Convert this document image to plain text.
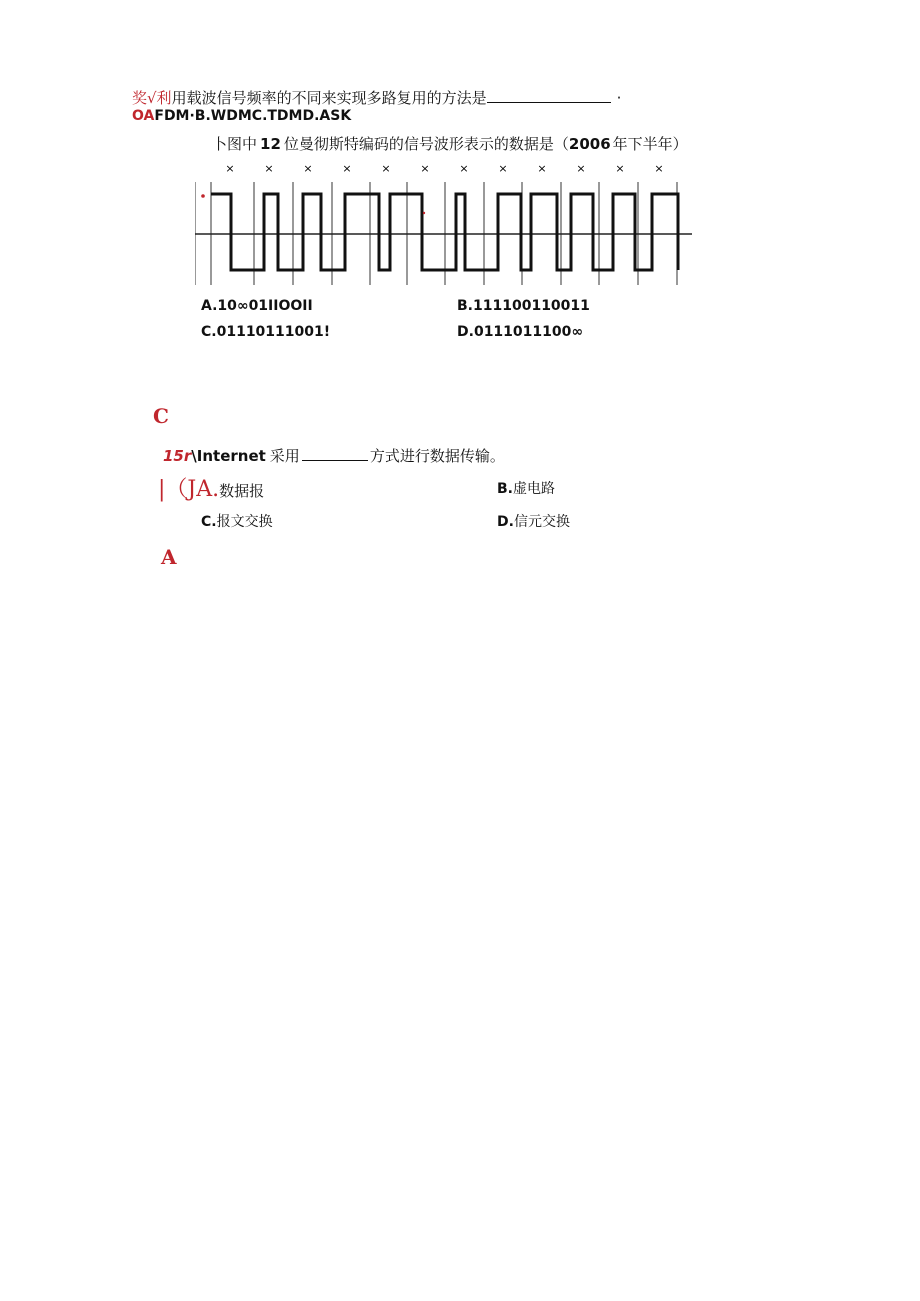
奖√利用载波信号频率的不同来实现多路复用的方法是	·
OAFDM·B.WDMC.TDMD.ASK
卜图中 12 位曼彻斯特编码的信号波形表示的数据是（2006 年下半年）
×	×	×	×	×	×	×	×	×	×	×	×
A.10∞01IIOOII	B.111100110011
C.01110111001!	D.0111011100∞
C
15r\Internet 采用	方式进行数据传输。
|（JA.数据报	B.虚电路
C.报文交换	D.信元交换
A
